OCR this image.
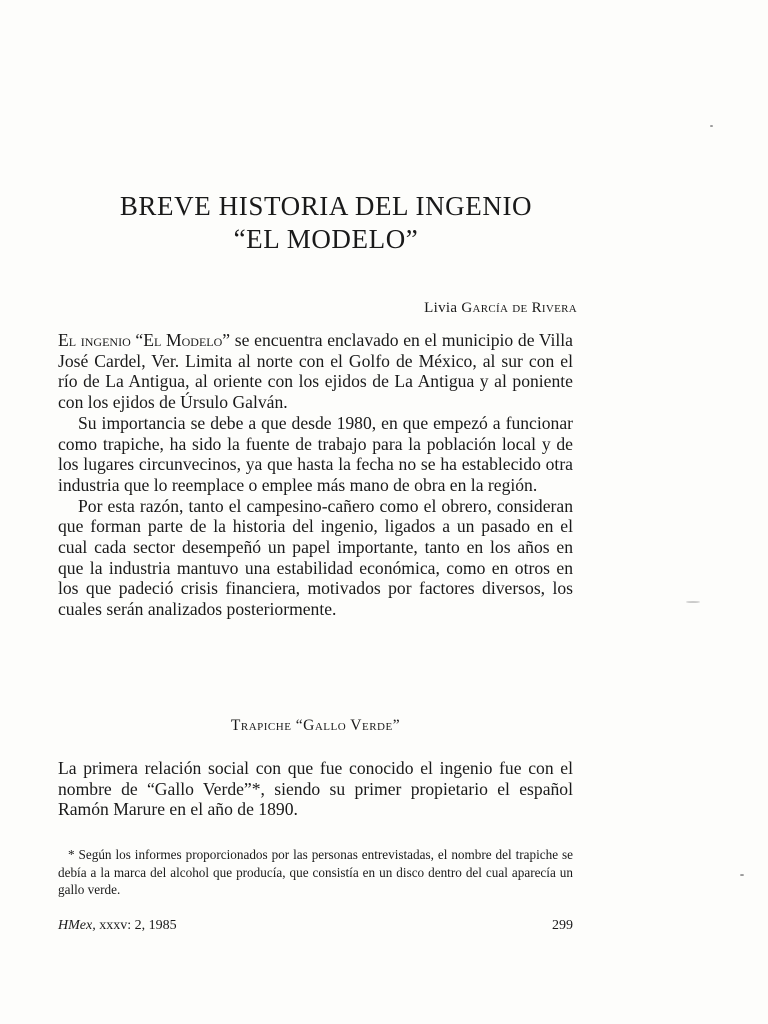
BREVE HISTORIA DEL INGENIO
“EL MODELO”
Livia García de Rivera

El ingenio “El Modelo” se encuentra enclavado en el municipio de Villa José Cardel, Ver. Limita al norte con el Golfo de México, al sur con el río de La Antigua, al oriente con los ejidos de La Antigua y al poniente con los ejidos de Úrsulo Galván.

Su importancia se debe a que desde 1980, en que empezó a funcionar como trapiche, ha sido la fuente de trabajo para la población local y de los lugares circunvecinos, ya que hasta la fecha no se ha establecido otra industria que lo reemplace o emplee más mano de obra en la región.

Por esta razón, tanto el campesino-cañero como el obrero, consideran que forman parte de la historia del ingenio, ligados a un pasado en el cual cada sector desempeñó un papel importante, tanto en los años en que la industria mantuvo una estabilidad económica, como en otros en los que padeció crisis financiera, motivados por factores diversos, los cuales serán analizados posteriormente.

Trapiche “Gallo Verde”

La primera relación social con que fue conocido el ingenio fue con el nombre de “Gallo Verde”*, siendo su primer propietario el español Ramón Marure en el año de 1890.

* Según los informes proporcionados por las personas entrevistadas, el nombre del trapiche se debía a la marca del alcohol que producía, que consistía en un disco dentro del cual aparecía un gallo verde.

HMex, xxxv: 2, 1985	299
